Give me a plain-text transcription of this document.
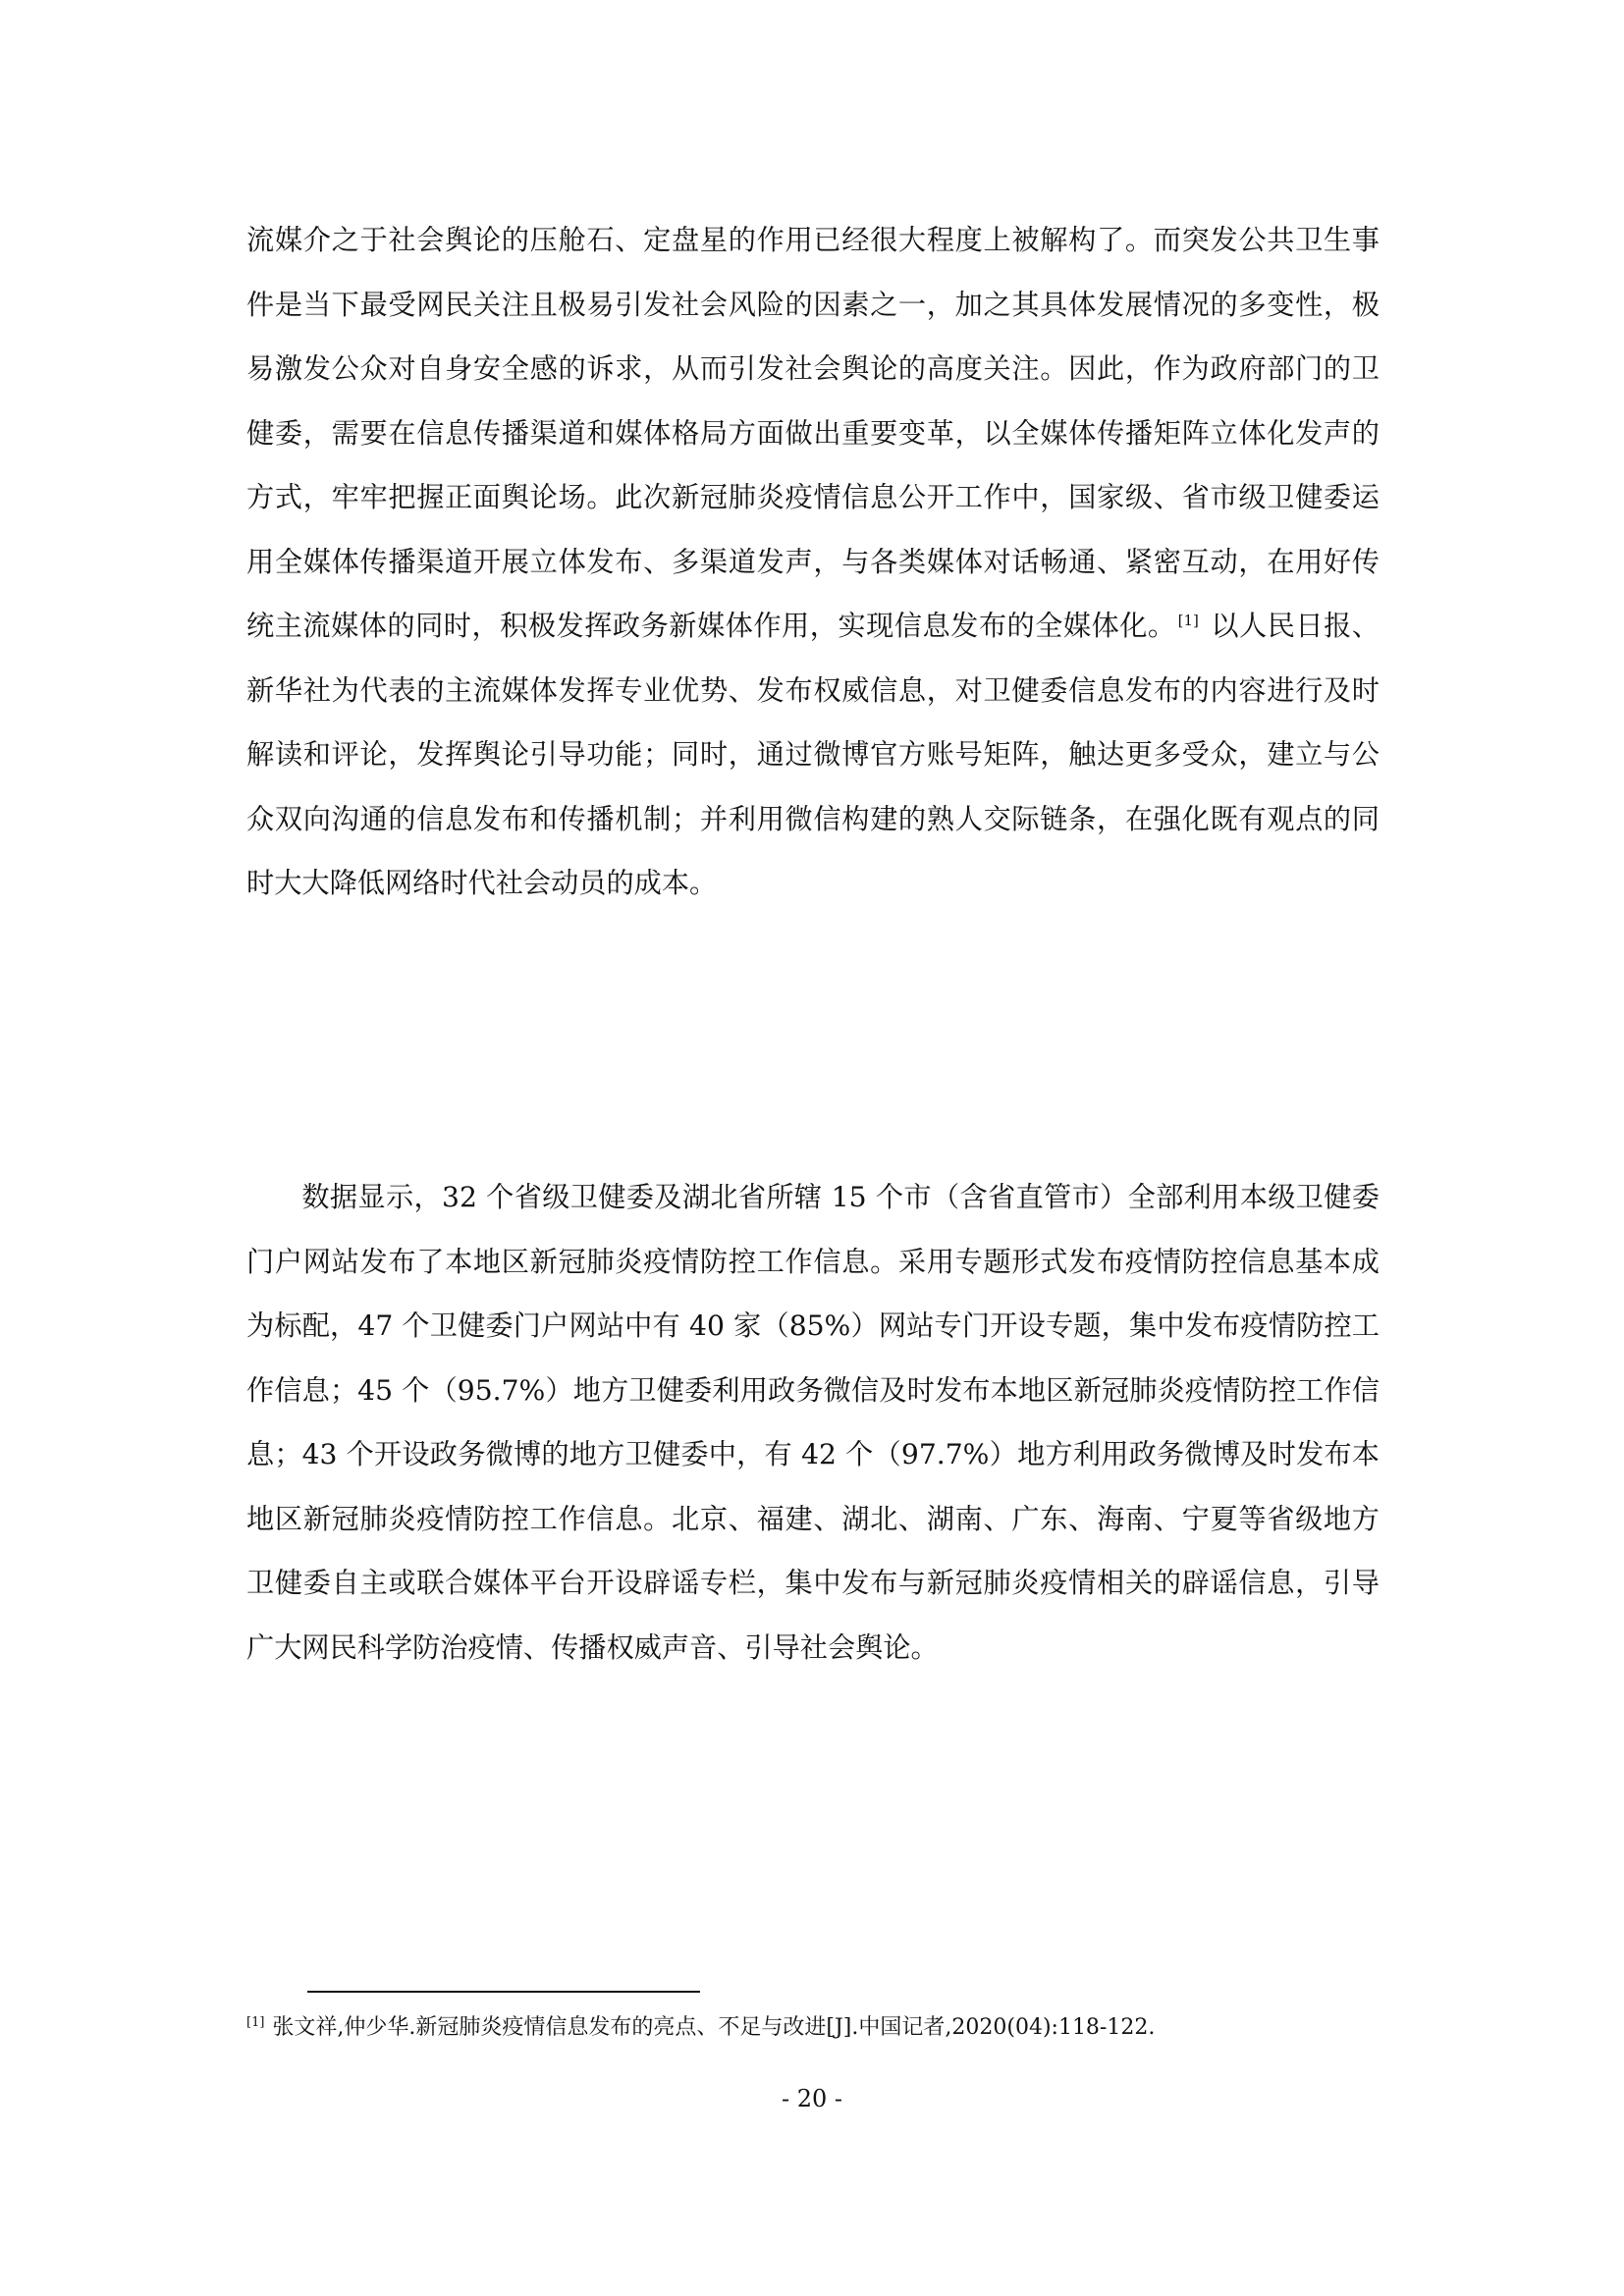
流媒介之于社会舆论的压舱石、定盘星的作用已经很大程度上被解构了。而突发公共卫生事件是当下最受网民关注且极易引发社会风险的因素之一，加之其具体发展情况的多变性，极易激发公众对自身安全感的诉求，从而引发社会舆论的高度关注。因此，作为政府部门的卫健委，需要在信息传播渠道和媒体格局方面做出重要变革，以全媒体传播矩阵立体化发声的方式，牢牢把握正面舆论场。此次新冠肺炎疫情信息公开工作中，国家级、省市级卫健委运用全媒体传播渠道开展立体发布、多渠道发声，与各类媒体对话畅通、紧密互动，在用好传统主流媒体的同时，积极发挥政务新媒体作用，实现信息发布的全媒体化。 [1] 以人民日报、新华社为代表的主流媒体发挥专业优势、发布权威信息，对卫健委信息发布的内容进行及时解读和评论，发挥舆论引导功能；同时，通过微博官方账号矩阵，触达更多受众，建立与公众双向沟通的信息发布和传播机制；并利用微信构建的熟人交际链条，在强化既有观点的同时大大降低网络时代社会动员的成本。

数据显示，32 个省级卫健委及湖北省所辖 15 个市（含省直管市）全部利用本级卫健委门户网站发布了本地区新冠肺炎疫情防控工作信息。采用专题形式发布疫情防控信息基本成为标配，47 个卫健委门户网站中有 40 家（85%）网站专门开设专题，集中发布疫情防控工作信息；45 个（95.7%）地方卫健委利用政务微信及时发布本地区新冠肺炎疫情防控工作信息；43 个开设政务微博的地方卫健委中，有 42 个（97.7%）地方利用政务微博及时发布本地区新冠肺炎疫情防控工作信息。北京、福建、湖北、湖南、广东、海南、宁夏等省级地方卫健委自主或联合媒体平台开设辟谣专栏，集中发布与新冠肺炎疫情相关的辟谣信息，引导广大网民科学防治疫情、传播权威声音、引导社会舆论。

[1] 张文祥,仲少华.新冠肺炎疫情信息发布的亮点、不足与改进[J].中国记者,2020(04):118-122.

- 20 -
